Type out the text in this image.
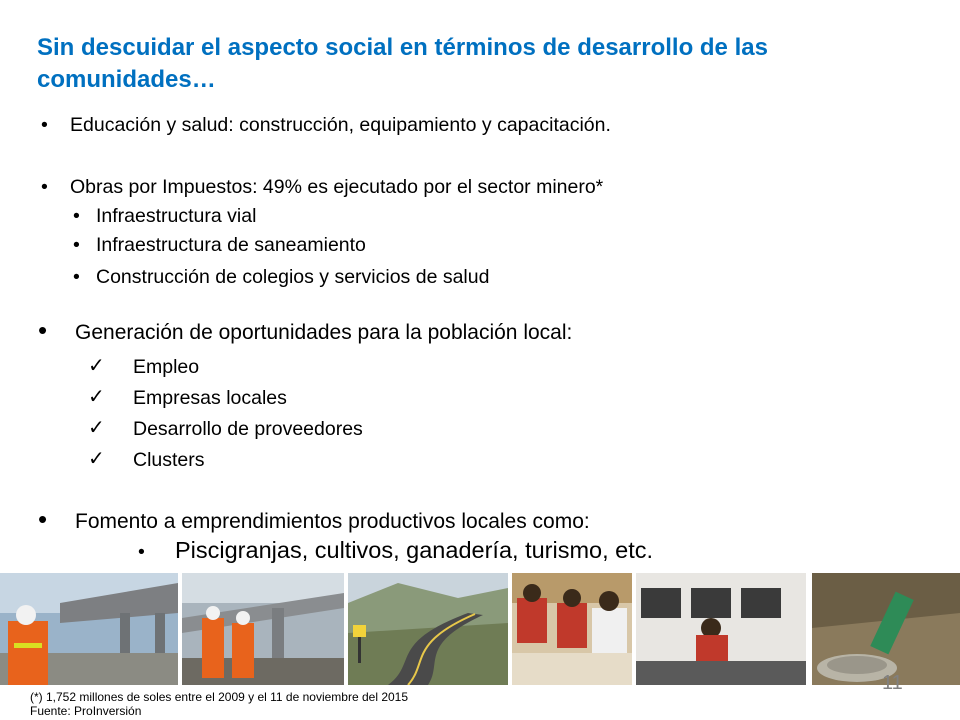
Sin descuidar el aspecto social en términos de desarrollo de las comunidades…
• Educación y salud: construcción, equipamiento y capacitación.
• Obras por Impuestos: 49% es ejecutado por el sector minero*
• Infraestructura vial
• Infraestructura de saneamiento
• Construcción de colegios y servicios de salud
• Generación de oportunidades para la población local:
✓ Empleo
✓ Empresas locales
✓ Desarrollo de proveedores
✓ Clusters
• Fomento a emprendimientos productivos locales como:
• Piscigranjas, cultivos, ganadería, turismo, etc.
(*) 1,752 millones de soles entre el 2009 y el 11 de noviembre del 2015
Fuente: ProInversión
11
